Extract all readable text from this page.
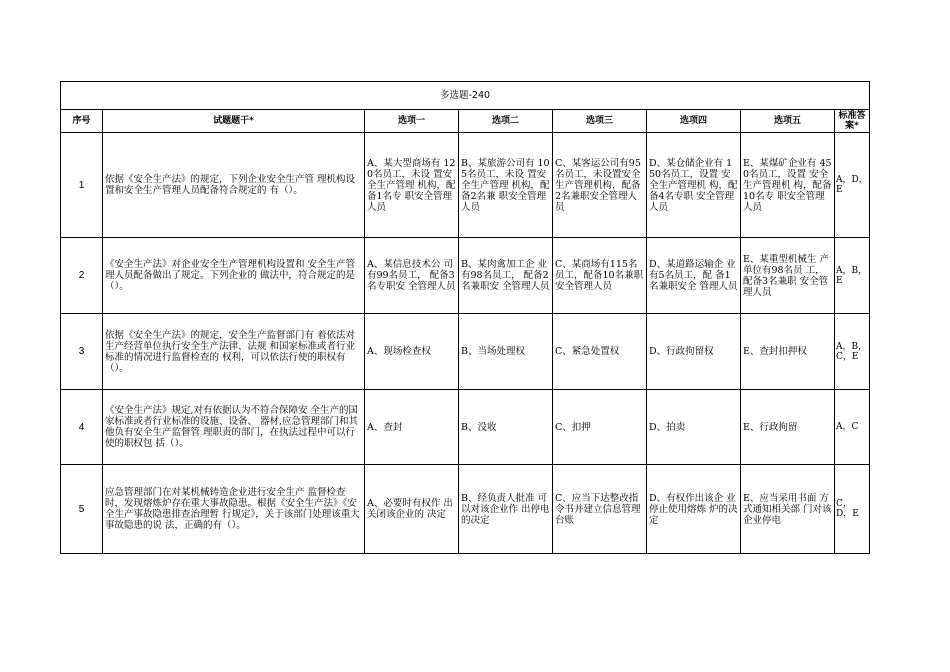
多选题-240							
序号	试题题干*	选项一	选项二	选项三	选项四	选项五	标准答案*
1	依据《安全生产法》的规定，下列企业安全生产管 理机构设置和安全生产管理人员配备符合规定的 有（）。	A、某大型商场有 120名员工，未设 置安全生产管理 机构，配备1名专 职安全管理人员	B、某旅游公司有 105名员工，未设 置安全生产管理 机构，配备2名兼 职安全管理人员	C、某客运公司有95名员工，未设置安全生产管理机构，配备2名兼职安全管理人员	D、某仓储企业有 150名员工，设置 安全生产管理机 构，配备4名专职 安全管理人员	E、某煤矿企业有 450名员工，设置 安全生产管理机 构，配备10名专 职安全管理人员	A，D，E
2	《安全生产法》对企业安全生产管理机构设置和 安全生产管理人员配备做出了规定。下列企业的 做法中，符合规定的是（）。	A、某信息技术公 司有99名员工， 配备3名专职安 全管理人员	B、某肉禽加工企 业有98名员工， 配备2名兼职安 全管理人员	C、某商场有115名员工，配备10名兼职安全管理人员	D、某道路运输企 业有5名员工，配 备1名兼职安全 管理人员	E、某重型机械生 产单位有98名员 工，配备3名兼职 安全管理人员	A，B，E
3	依据《安全生产法》的规定，安全生产监督部门有 着依法对生产经营单位执行安全生产法律、法规 和国家标准或者行业标准的情况进行监督检查的 权利，可以依法行使的职权有（）。	A、现场检查权	B、当场处理权	C、紧急处置权	D、行政拘留权	E、查封扣押权	A，B，C，E
4	《安全生产法》规定,对有依据认为不符合保障安 全生产的国家标准或者行业标准的设施、设备、 器材,应急管理部门和其他负有安全生产监督管 理职责的部门，在执法过程中可以行使的职权包 括（）。	A、查封	B、没收	C、扣押	D、拍卖	E、行政拘留	A，C
5	应急管理部门在对某机械铸造企业进行安全生产 监督检查时，发现熔炼炉存在重大事故隐患。根据《安全生产法》《安全生产事故隐患排查治理暂 行规定》，关于该部门处理该重大事故隐患的说 法，正确的有（）。	A、必要时有权作 出关闭该企业的 决定	B、经负责人批准 可以对该企业作 出停电的决定	C、应当下达整改指令书并建立信息管理台账	D、有权作出该企 业停止使用熔炼 炉的决定	E、应当采用书面 方式通知相关部 门对该企业停电	C，D，E
